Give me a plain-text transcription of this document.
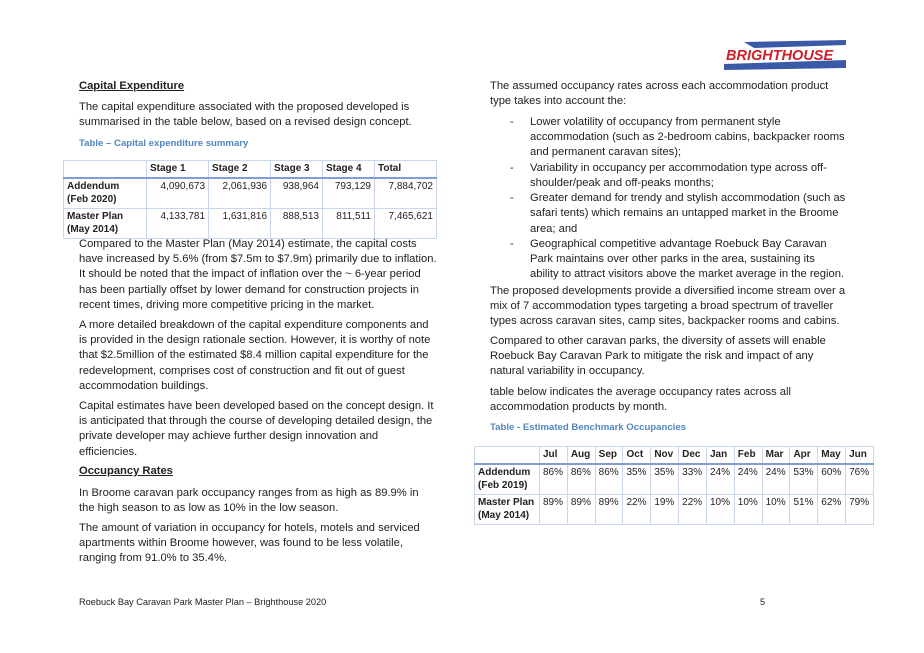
BRIGHTHOUSE
Capital Expenditure

The capital expenditure associated with the proposed developed is summarised in the table below, based on a revised design concept.

Table – Capital expenditure summary
	Stage 1	Stage 2	Stage 3	Stage 4	Total
Addendum (Feb 2020)	4,090,673	2,061,936	938,964	793,129	7,884,702
Master Plan (May 2014)	4,133,781	1,631,816	888,513	811,511	7,465,621

Compared to the Master Plan (May 2014) estimate, the capital costs have increased by 5.6% (from $7.5m to $7.9m) primarily due to inflation. It should be noted that the impact of inflation over the ~ 6-year period has been partially offset by lower demand for construction projects in recent times, driving more competitive pricing in the market.

A more detailed breakdown of the capital expenditure components and is provided in the design rationale section. However, it is worthy of note that $2.5million of the estimated $8.4 million capital expenditure for the redevelopment, comprises cost of construction and fit out of guest accommodation buildings.

Capital estimates have been developed based on the concept design. It is anticipated that through the course of developing detailed design, the private developer may achieve further design innovation and efficiencies.

Occupancy Rates

In Broome caravan park occupancy ranges from as high as 89.9% in the high season to as low as 10% in the low season.

The amount of variation in occupancy for hotels, motels and serviced apartments within Broome however, was found to be less volatile, ranging from 91.0% to 35.4%.

The assumed occupancy rates across each accommodation product type takes into account the:

- Lower volatility of occupancy from permanent style accommodation (such as 2-bedroom cabins, backpacker rooms and permanent caravan sites);
- Variability in occupancy per accommodation type across off-shoulder/peak and off-peaks months;
- Greater demand for trendy and stylish accommodation (such as safari tents) which remains an untapped market in the Broome area; and
- Geographical competitive advantage Roebuck Bay Caravan Park maintains over other parks in the area, sustaining its ability to attract visitors above the market average in the region.

The proposed developments provide a diversified income stream over a mix of 7 accommodation types targeting a broad spectrum of traveller types across caravan sites, camp sites, backpacker rooms and cabins.

Compared to other caravan parks, the diversity of assets will enable Roebuck Bay Caravan Park to mitigate the risk and impact of any natural variability in occupancy.

table below indicates the average occupancy rates across all accommodation products by month.

Table - Estimated Benchmark Occupancies
	Jul	Aug	Sep	Oct	Nov	Dec	Jan	Feb	Mar	Apr	May	Jun
Addendum (Feb 2019)	86%	86%	86%	35%	35%	33%	24%	24%	24%	53%	60%	76%
Master Plan (May 2014)	89%	89%	89%	22%	19%	22%	10%	10%	10%	51%	62%	79%
Roebuck Bay Caravan Park Master Plan – Brighthouse 2020	5
